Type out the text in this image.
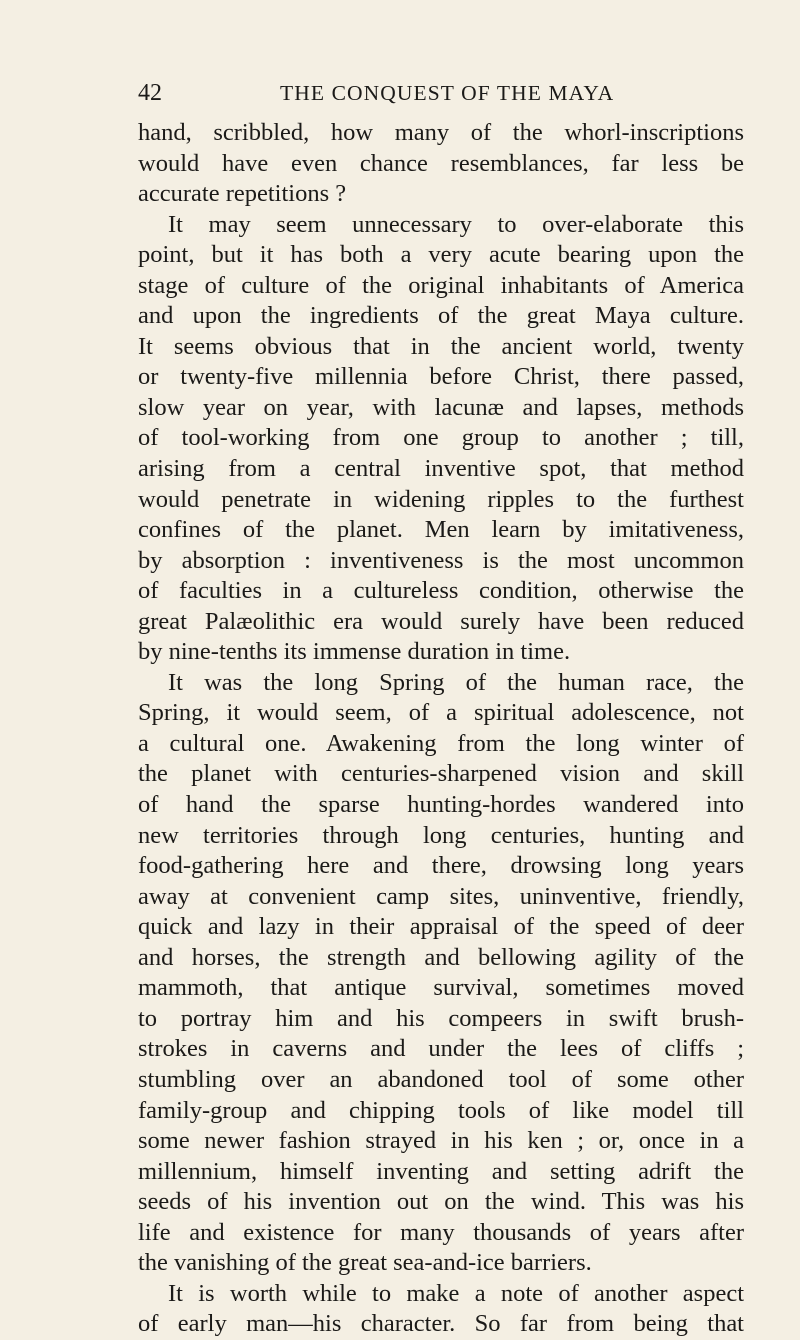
42	THE CONQUEST OF THE MAYA
hand, scribbled, how many of the whorl-inscriptions
would have even chance resemblances, far less be
accurate repetitions ?
It may seem unnecessary to over-elaborate this
point, but it has both a very acute bearing upon the
stage of culture of the original inhabitants of America
and upon the ingredients of the great Maya culture.
It seems obvious that in the ancient world, twenty
or twenty-five millennia before Christ, there passed,
slow year on year, with lacunæ and lapses, methods
of tool-working from one group to another ; till,
arising from a central inventive spot, that method
would penetrate in widening ripples to the furthest
confines of the planet. Men learn by imitativeness,
by absorption : inventiveness is the most uncommon
of faculties in a cultureless condition, otherwise the
great Palæolithic era would surely have been reduced
by nine-tenths its immense duration in time.
It was the long Spring of the human race, the
Spring, it would seem, of a spiritual adolescence, not
a cultural one. Awakening from the long winter of
the planet with centuries-sharpened vision and skill
of hand the sparse hunting-hordes wandered into
new territories through long centuries, hunting and
food-gathering here and there, drowsing long years
away at convenient camp sites, uninventive, friendly,
quick and lazy in their appraisal of the speed of deer
and horses, the strength and bellowing agility of the
mammoth, that antique survival, sometimes moved
to portray him and his compeers in swift brush-
strokes in caverns and under the lees of cliffs ;
stumbling over an abandoned tool of some other
family-group and chipping tools of like model till
some newer fashion strayed in his ken ; or, once in a
millennium, himself inventing and setting adrift the
seeds of his invention out on the wind. This was his
life and existence for many thousands of years after
the vanishing of the great sea-and-ice barriers.
It is worth while to make a note of another aspect
of early man—his character. So far from being that
